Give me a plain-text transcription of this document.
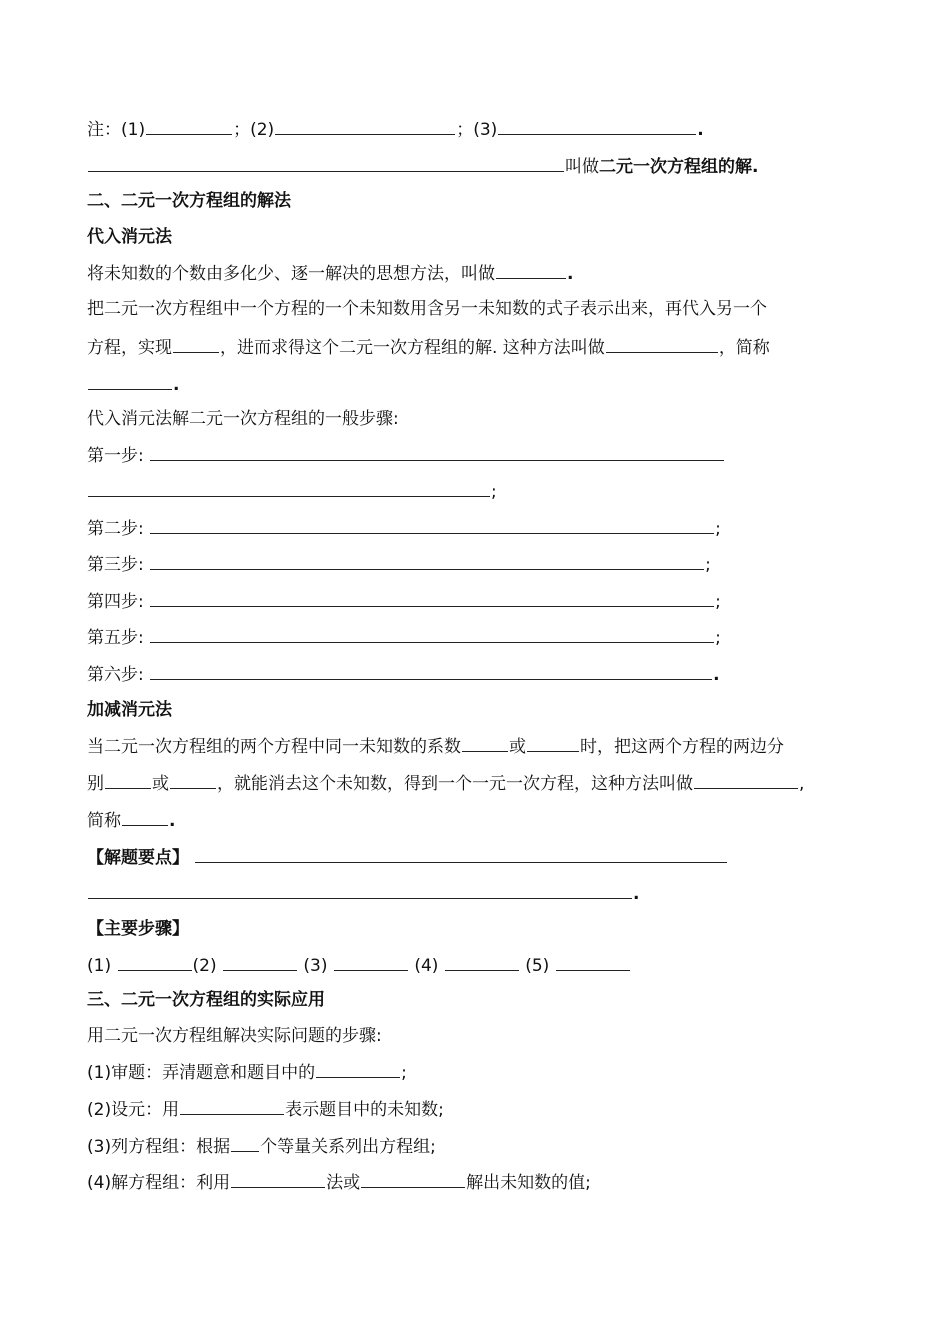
注：(1)	；(2)	；(3)	.
叫做二元一次方程组的解.
二、二元一次方程组的解法
代入消元法
将未知数的个数由多化少、逐一解决的思想方法，叫做	.
把二元一次方程组中一个方程的一个未知数用含另一未知数的式子表示出来，再代入另一个
方程，实现	，进而求得这个二元一次方程组的解. 这种方法叫做	，简称
.
代入消元法解二元一次方程组的一般步骤:
第一步:
;
第二步:	;
第三步:	;
第四步:	;
第五步:	;
第六步:	.
加减消元法
当二元一次方程组的两个方程中同一未知数的系数	或	时，把这两个方程的两边分
别	或	，就能消去这个未知数，得到一个一元一次方程，这种方法叫做	,
简称	.
【解题要点】
.
【主要步骤】
(1)	(2)	(3)	(4)	(5)
三、二元一次方程组的实际应用
用二元一次方程组解决实际问题的步骤:
(1)审题：弄清题意和题目中的	;
(2)设元：用	表示题目中的未知数;
(3)列方程组：根据 个等量关系列出方程组;
(4)解方程组：利用	法或	解出未知数的值;
